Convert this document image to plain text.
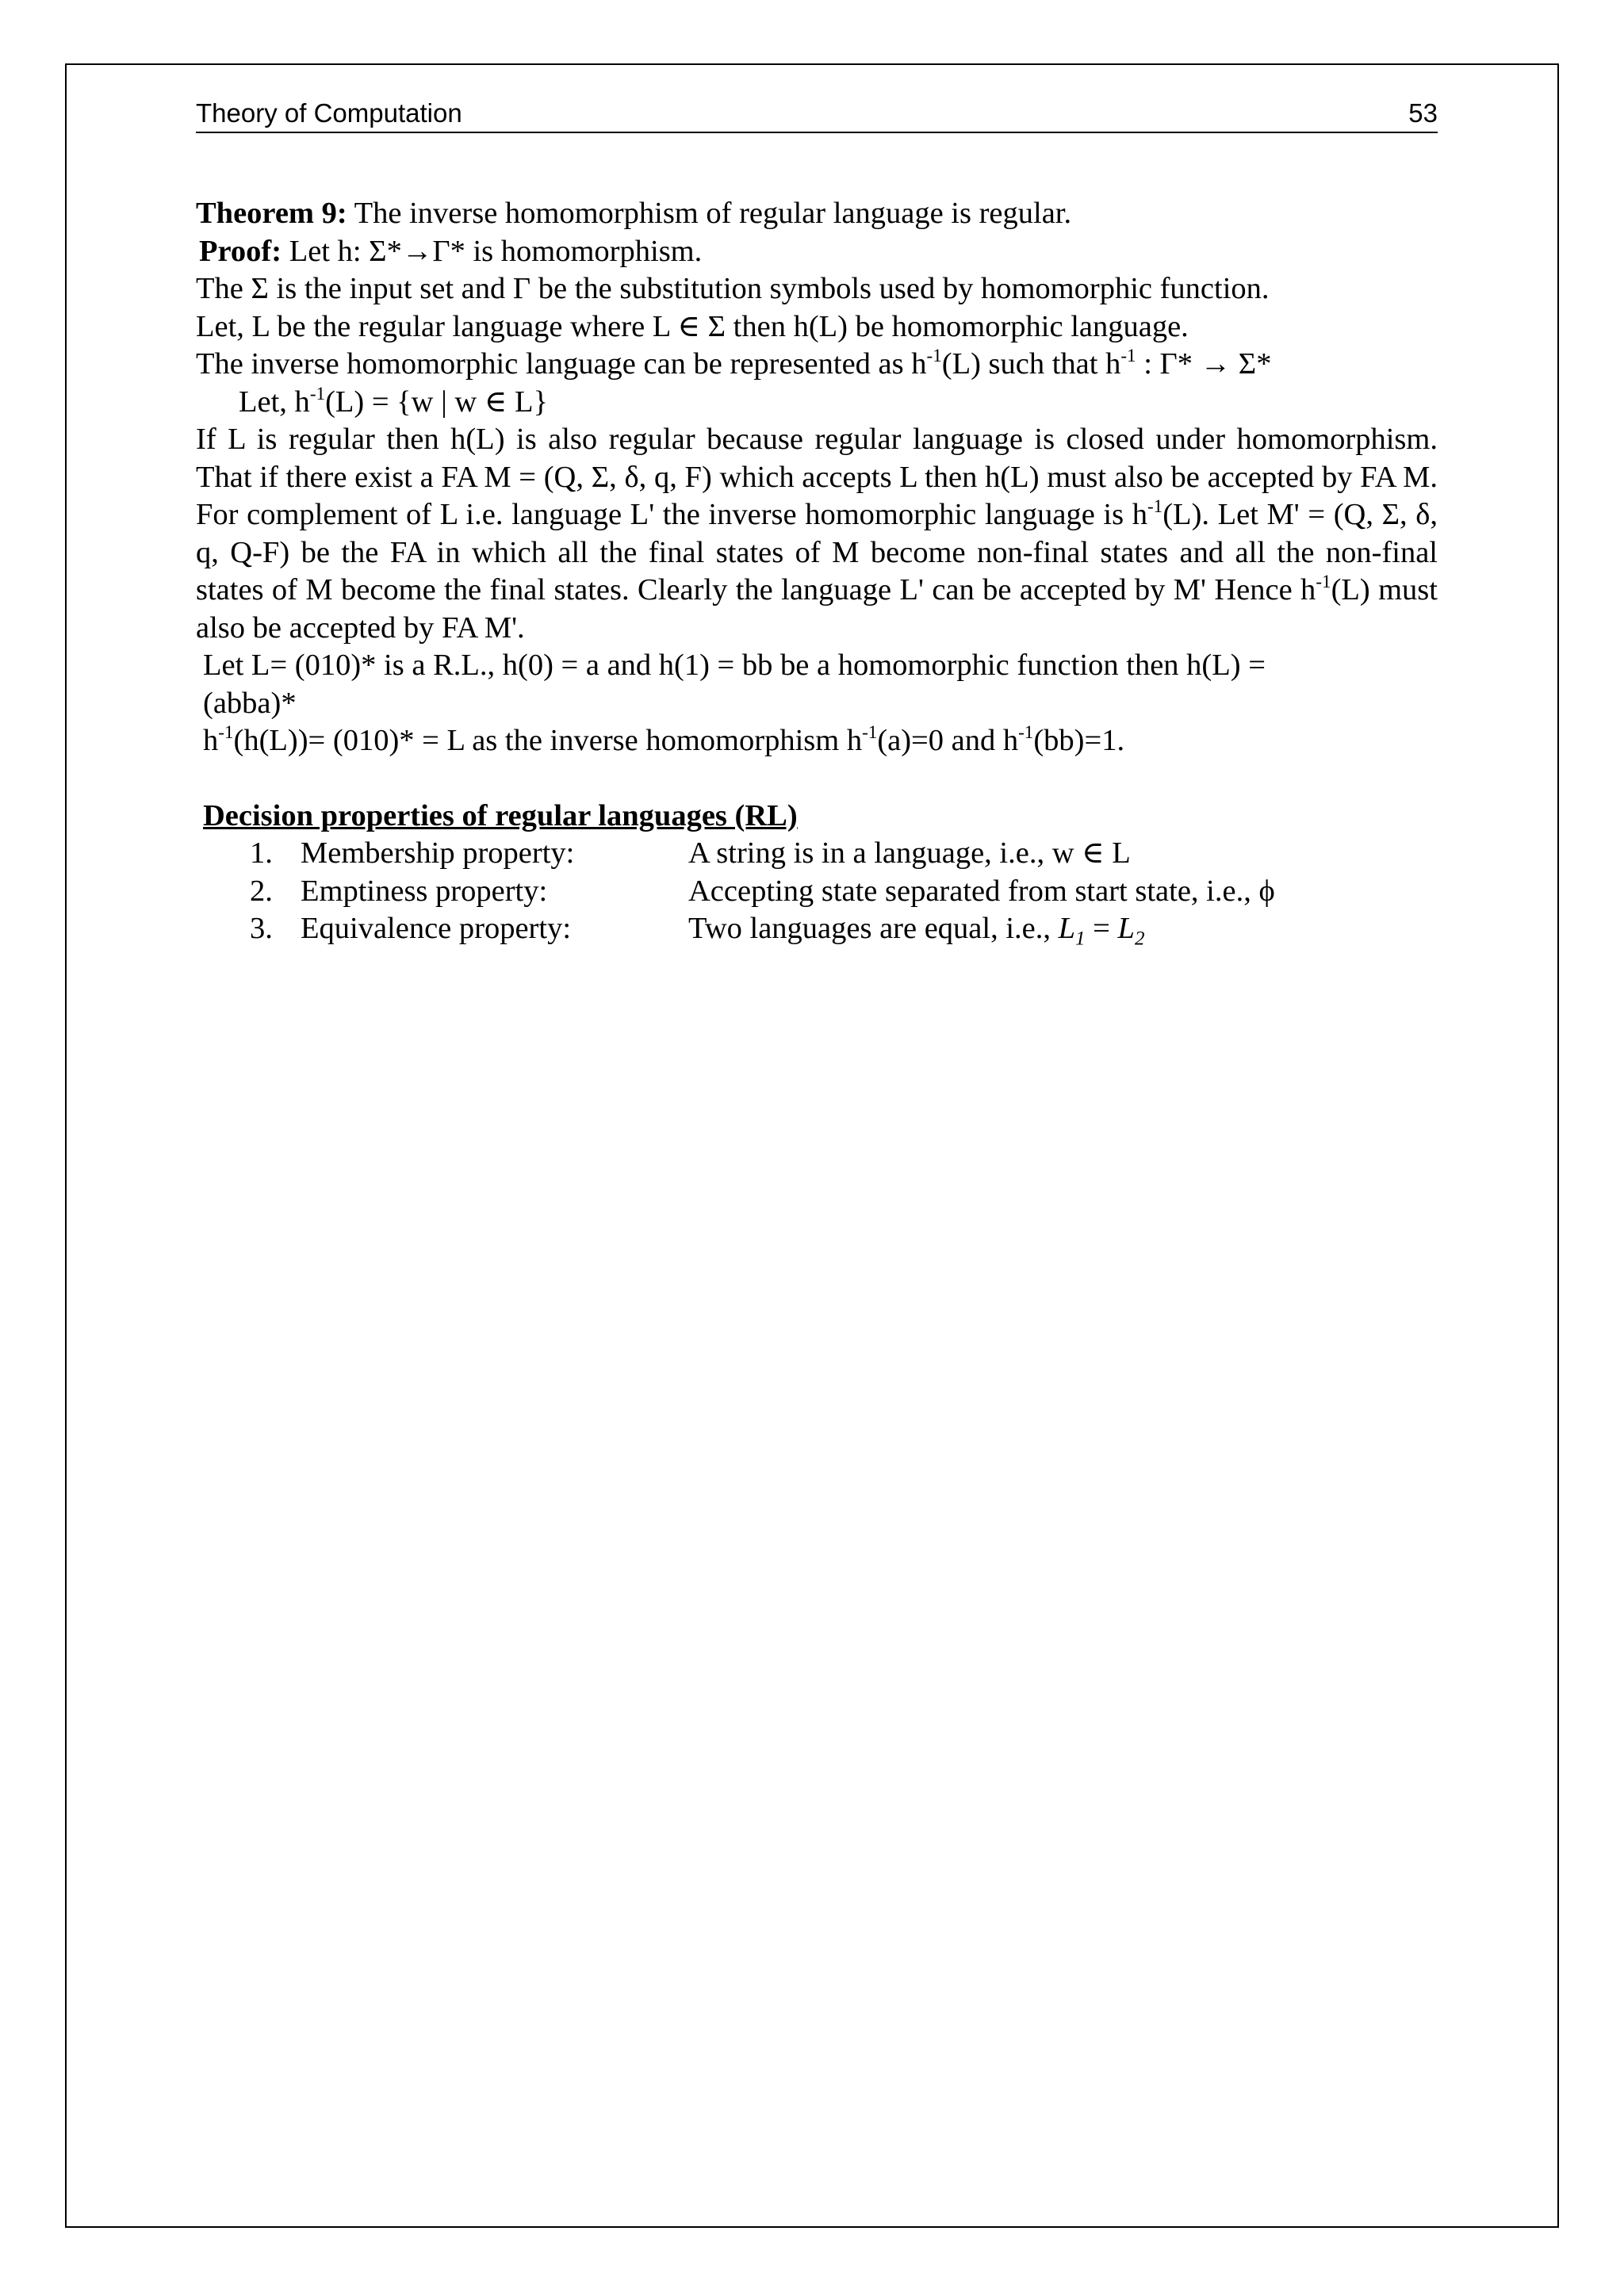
Theory of Computation	53
Theorem 9: The inverse homomorphism of regular language is regular.
Proof: Let h: Σ*→Γ* is homomorphism.
The Σ is the input set and Γ be the substitution symbols used by homomorphic function.
Let, L be the regular language where L ∈ Σ then h(L) be homomorphic language.
The inverse homomorphic language can be represented as $h^{-1}(L)$ such that $h^{-1}$ : Γ* → Σ*
Let, $h^{-1}(L) = \{w$ | w ∈ L}
If L is regular then h(L) is also regular because regular language is closed under homomorphism. That if there exist a FA M = (Q, Σ, δ, q, F) which accepts L then h(L) must also be accepted by FA M. For complement of L i.e. language L' the inverse homomorphic language is $h^{-1}(L)$. Let M' = (Q, Σ, δ, q, Q-F) be the FA in which all the final states of M become non-final states and all the non-final states of M become the final states. Clearly the language L' can be accepted by M' Hence $h^{-1}(L)$ must also be accepted by FA M'.
Let L= (010)* is a R.L., h(0) = a and h(1) = bb be a homomorphic function then h(L) =
(abba)*
$h^{-1}(h(L))= (010)* = L$ as the inverse homomorphism $h^{-1}(a)=0$ and $h^{-1}(bb)=1$.
Decision properties of regular languages (RL)
1. Membership property:	A string is in a language, i.e., w ∈ L
2. Emptiness property:	Accepting state separated from start state, i.e., ϕ
3. Equivalence property:	Two languages are equal, i.e., $L_1 = L_2$
